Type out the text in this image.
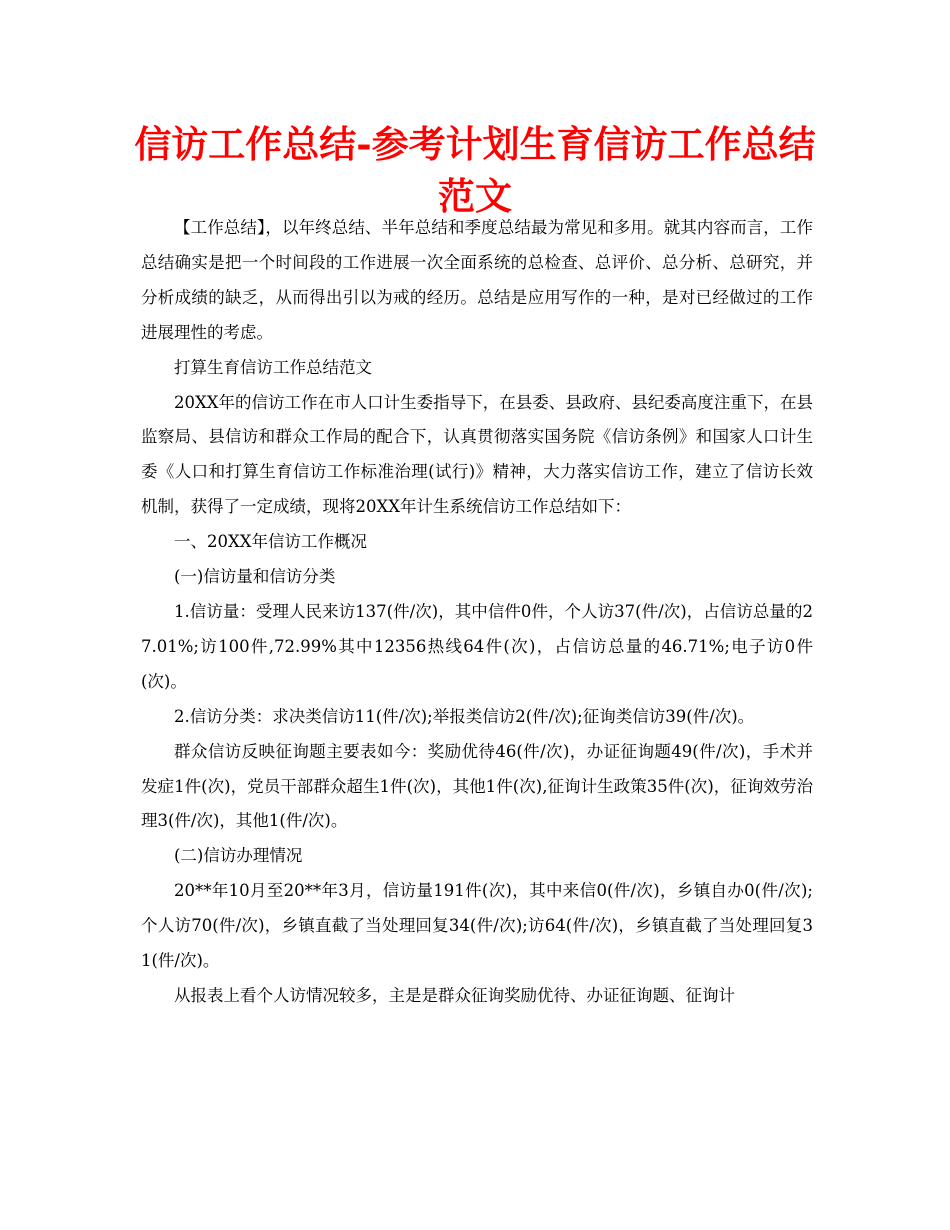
信访工作总结-参考计划生育信访工作总结范文

【工作总结】，以年终总结、半年总结和季度总结最为常见和多用。就其内容而言，工作总结确实是把一个时间段的工作进展一次全面系统的总检查、总评价、总分析、总研究，并分析成绩的缺乏，从而得出引以为戒的经历。总结是应用写作的一种，是对已经做过的工作进展理性的考虑。

打算生育信访工作总结范文

20XX年的信访工作在市人口计生委指导下，在县委、县政府、县纪委高度注重下，在县监察局、县信访和群众工作局的配合下，认真贯彻落实国务院《信访条例》和国家人口计生委《人口和打算生育信访工作标准治理(试行)》精神，大力落实信访工作，建立了信访长效机制，获得了一定成绩，现将20XX年计生系统信访工作总结如下：

一、20XX年信访工作概况

(一)信访量和信访分类

1.信访量：受理人民来访137(件/次)，其中信件0件，个人访37(件/次)，占信访总量的27.01%;访100件,72.99%其中12356热线64件(次)，占信访总量的46.71%;电子访0件(次)。

2.信访分类：求决类信访11(件/次);举报类信访2(件/次);征询类信访39(件/次)。

群众信访反映征询题主要表如今：奖励优待46(件/次)，办证征询题49(件/次)，手术并发症1件(次)，党员干部群众超生1件(次)，其他1件(次),征询计生政策35件(次)，征询效劳治理3(件/次)，其他1(件/次)。

(二)信访办理情况

20**年10月至20**年3月，信访量191件(次)，其中来信0(件/次)，乡镇自办0(件/次);个人访70(件/次)，乡镇直截了当处理回复34(件/次);访64(件/次)，乡镇直截了当处理回复31(件/次)。

从报表上看个人访情况较多，主是是群众征询奖励优待、办证征询题、征询计
